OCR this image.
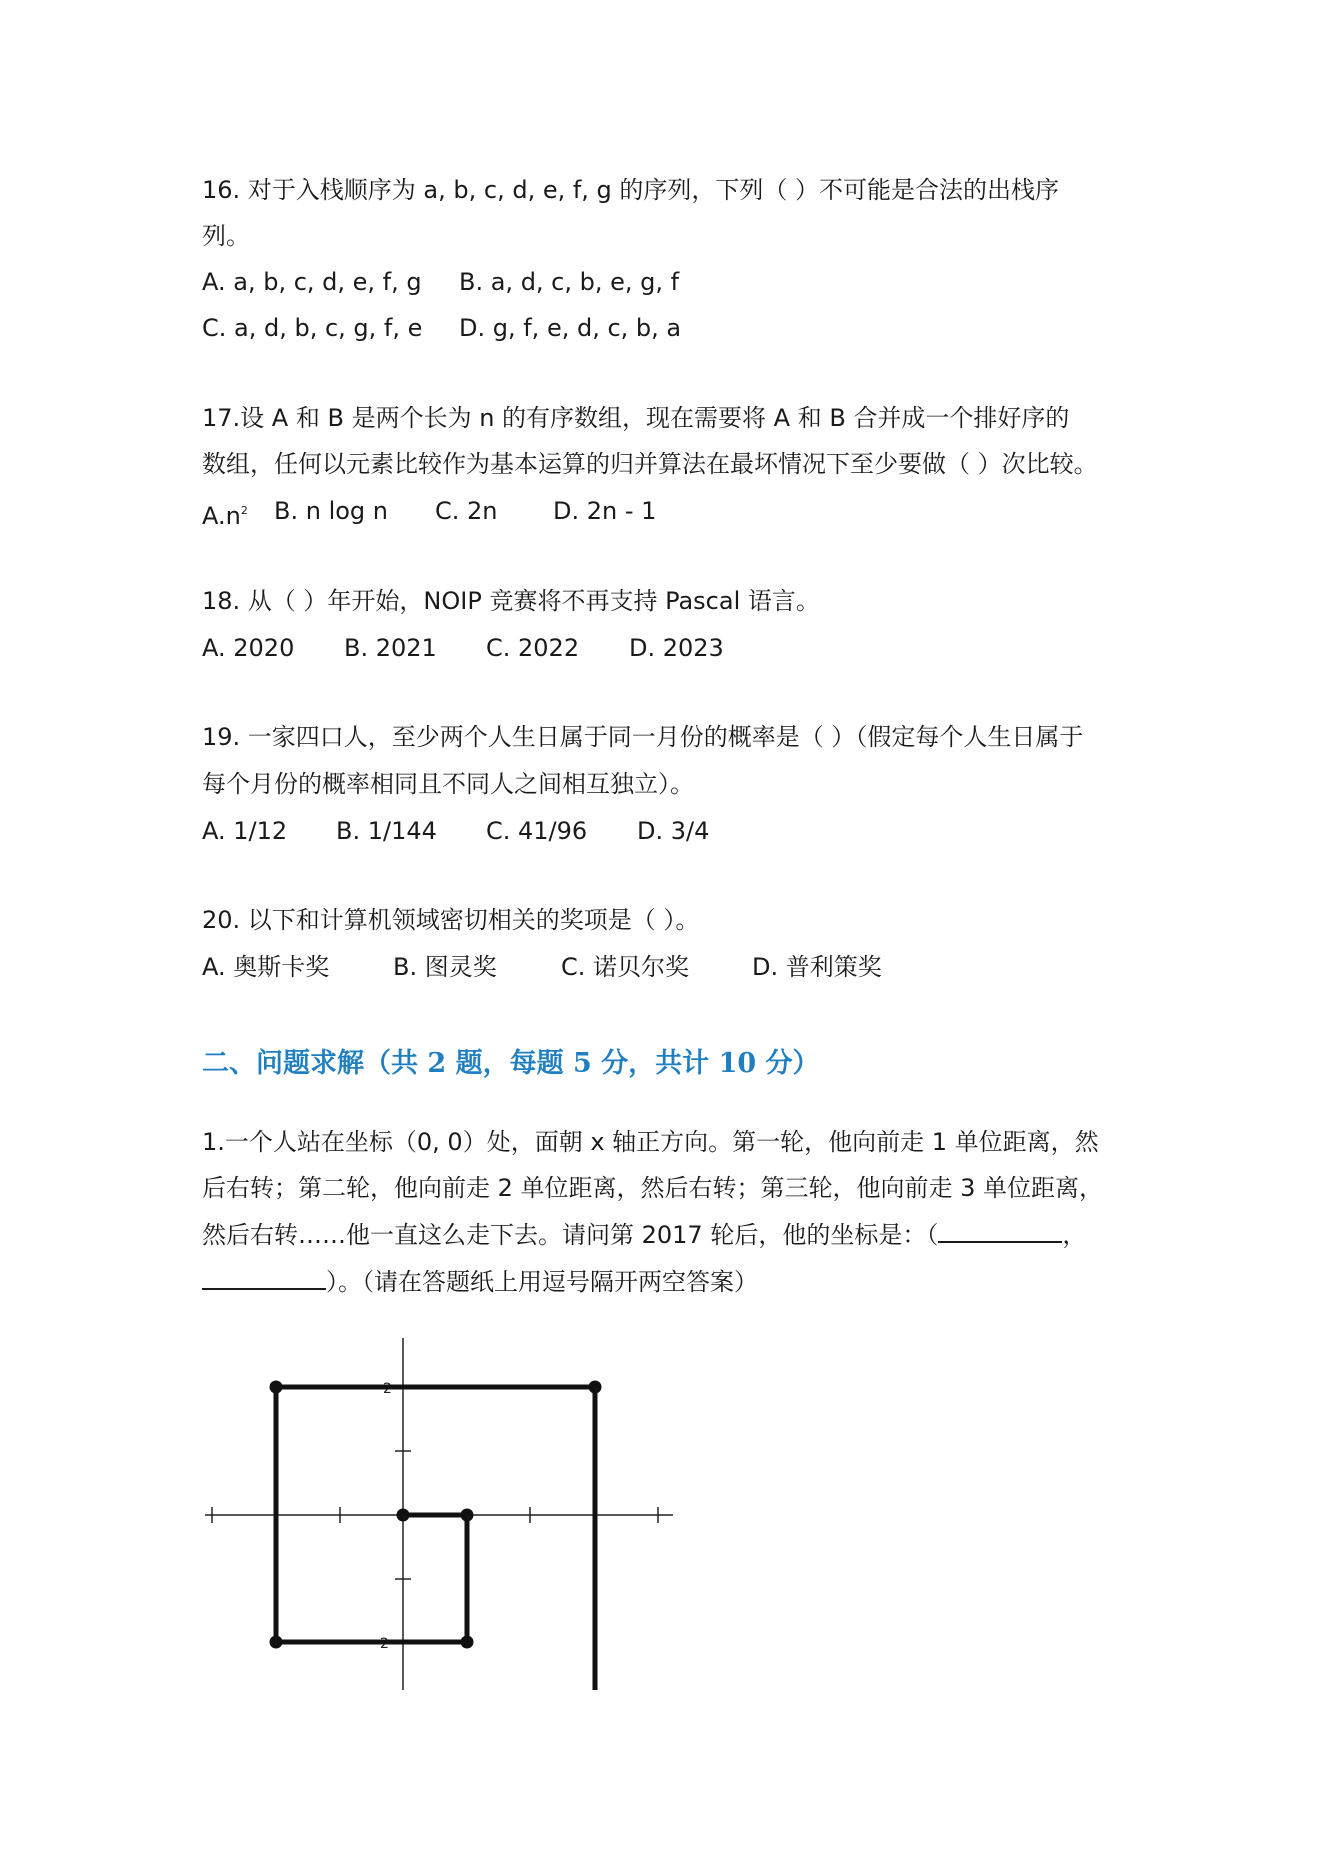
16. 对于入栈顺序为 a, b, c, d, e, f, g 的序列，下列（ ）不可能是合法的出栈序
列。
A. a, b, c, d, e, f, g B. a, d, c, b, e, g, f
C. a, d, b, c, g, f, e D. g, f, e, d, c, b, a
17.设 A 和 B 是两个长为 n 的有序数组，现在需要将 A 和 B 合并成一个排好序的
数组，任何以元素比较作为基本运算的归并算法在最坏情况下至少要做（ ）次比较。
$A.n^2$ B. n log n C. 2n D. 2n - 1
18. 从（ ）年开始，NOIP 竞赛将不再支持 Pascal 语言。
A. 2020 B. 2021 C. 2022 D. 2023
19. 一家四口人，至少两个人生日属于同一月份的概率是（ ）（假定每个人生日属于
每个月份的概率相同且不同人之间相互独立）。
A. 1/12 B. 1/144 C. 41/96 D. 3/4
20. 以下和计算机领域密切相关的奖项是（ ）。
A. 奥斯卡奖	B. 图灵奖	C. 诺贝尔奖	D. 普利策奖
二、问题求解（共 2 题，每题 5 分，共计 10 分）
1.一个人站在坐标（0, 0）处，面朝 x 轴正方向。第一轮，他向前走 1 单位距离，然
后右转；第二轮，他向前走 2 单位距离，然后右转；第三轮，他向前走 3 单位距离，
然后右转……他一直这么走下去。请问第 2017 轮后，他的坐标是：（	，
）。（请在答题纸上用逗号隔开两空答案）
2
-2
